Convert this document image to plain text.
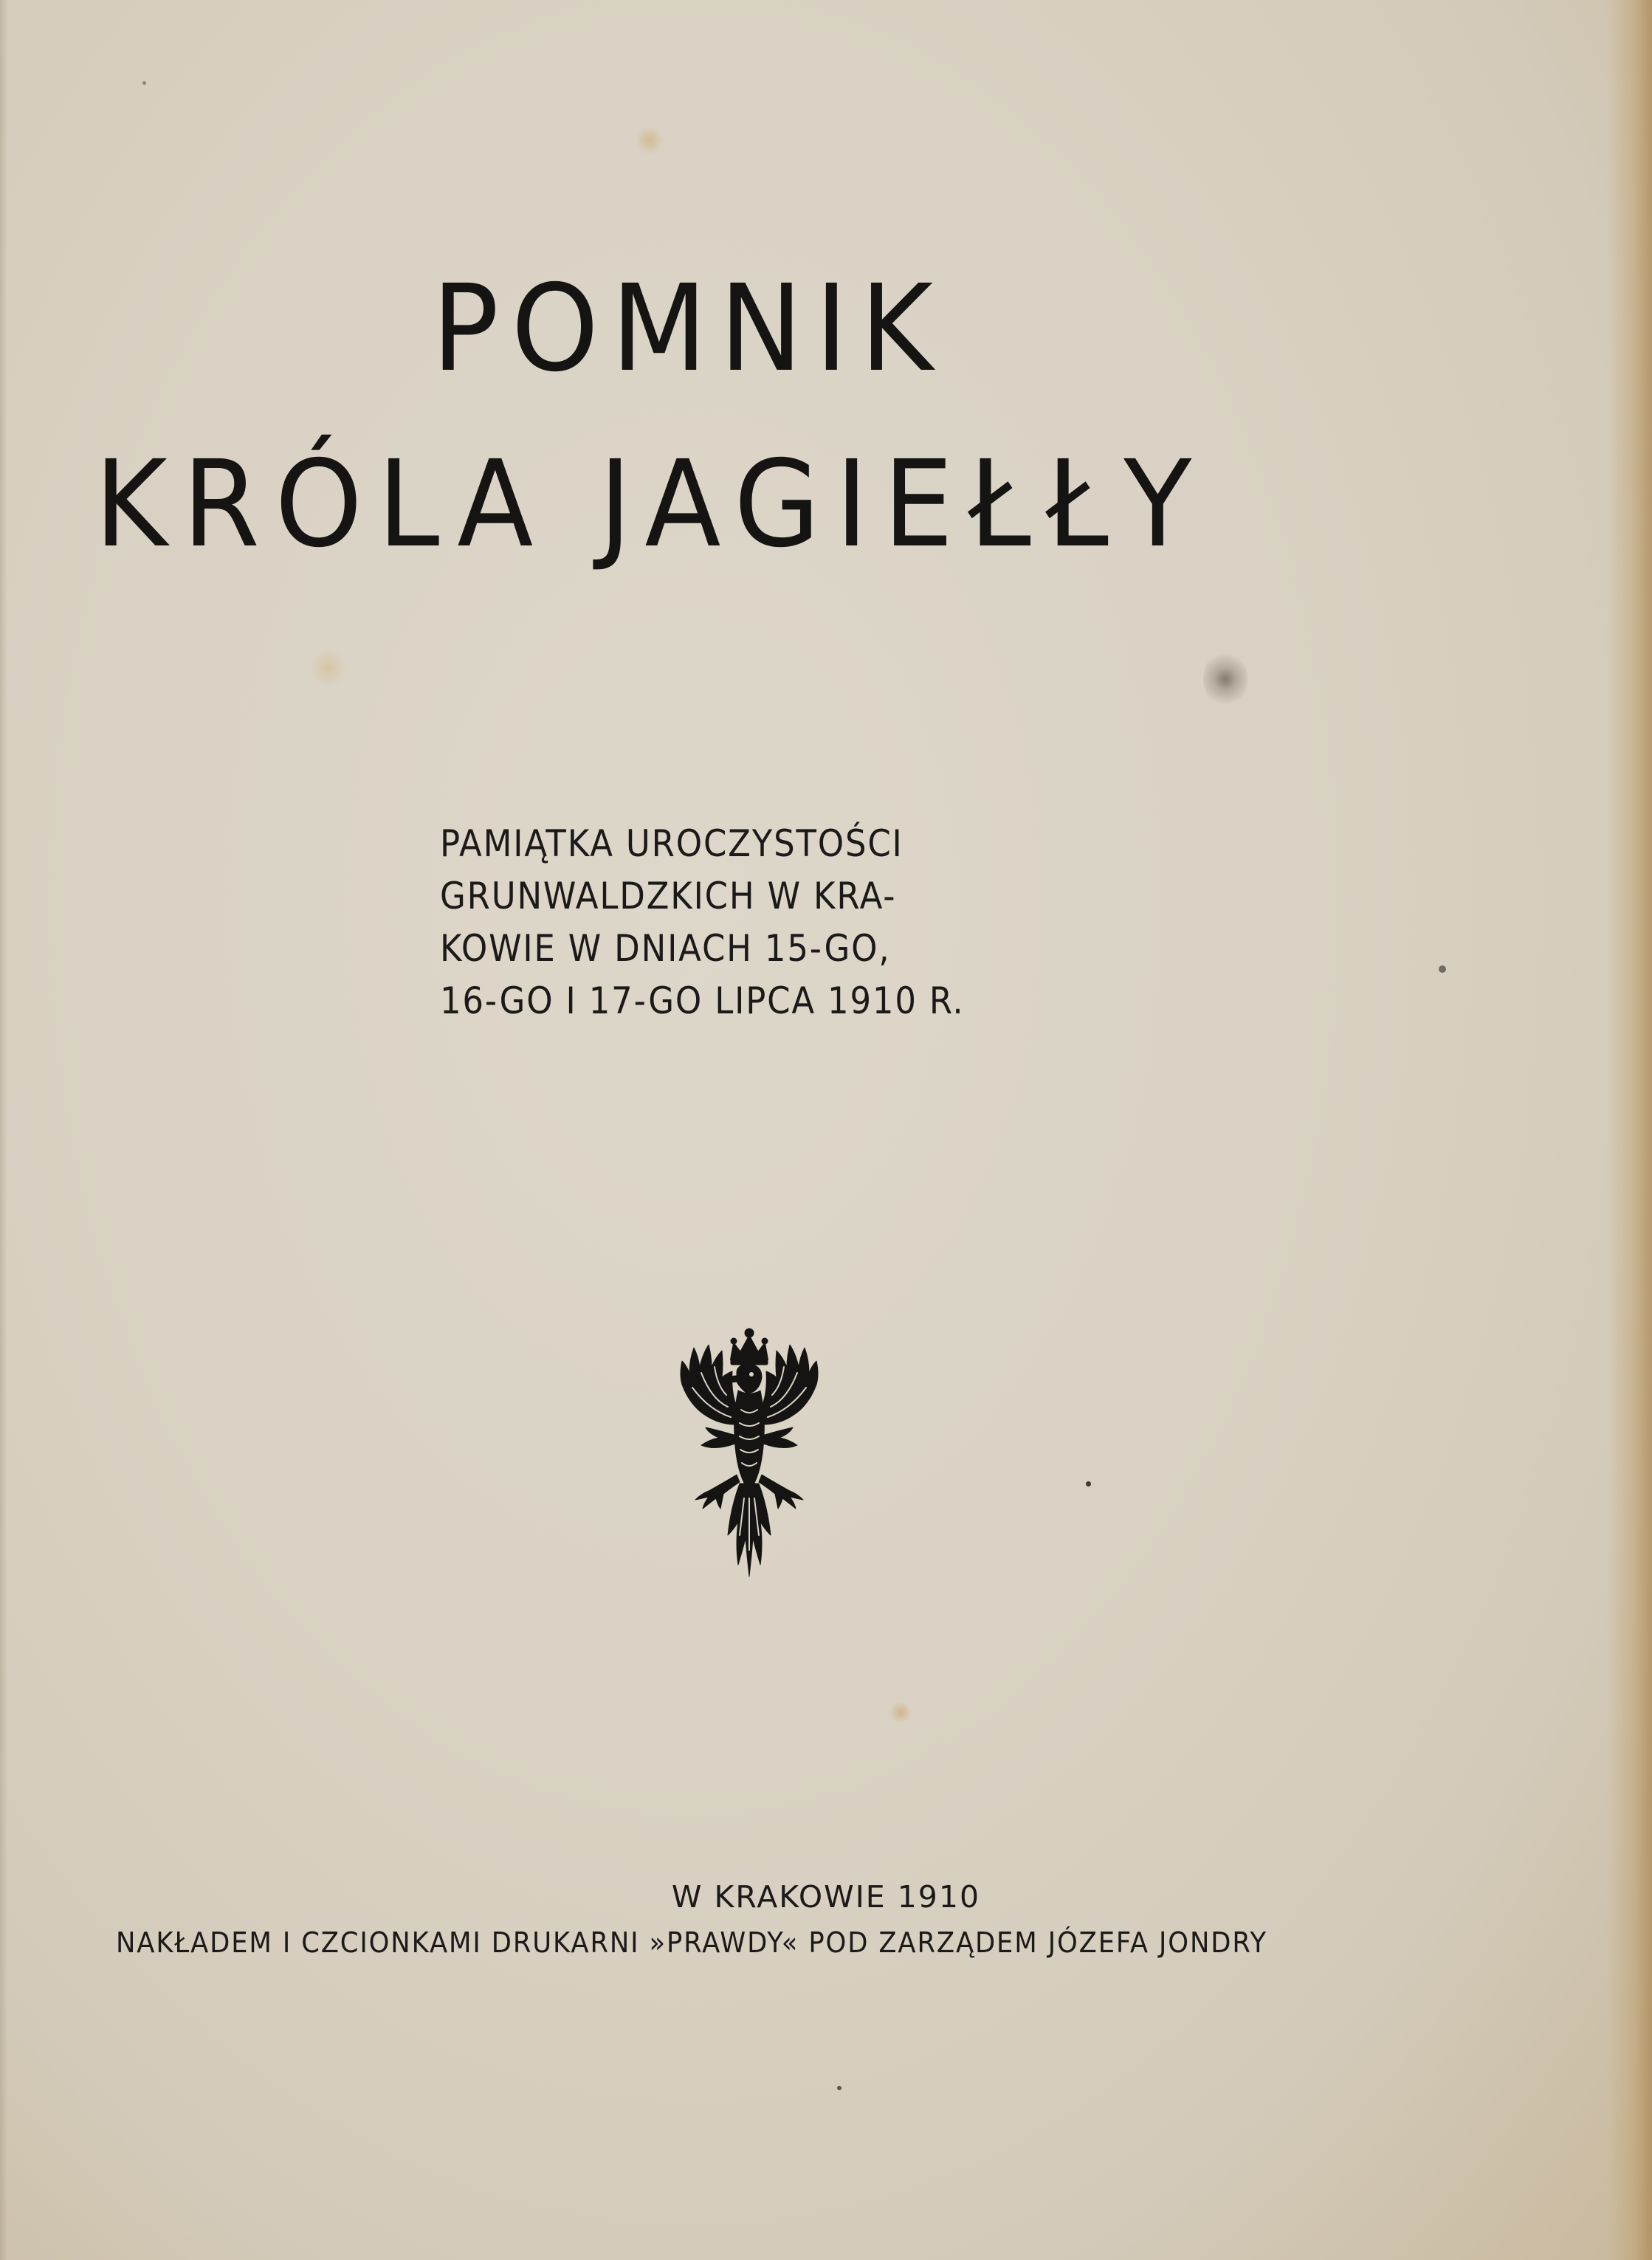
POMNIK
KRÓLA JAGIEŁŁY
PAMIĄTKA UROCZYSTOŚCI
GRUNWALDZKICH W KRA-
KOWIE W DNIACH 15-GO,
16-GO I 17-GO LIPCA 1910 R.
W KRAKOWIE 1910
NAKŁADEM I CZCIONKAMI DRUKARNI »PRAWDY« POD ZARZĄDEM JÓZEFA JONDRY
